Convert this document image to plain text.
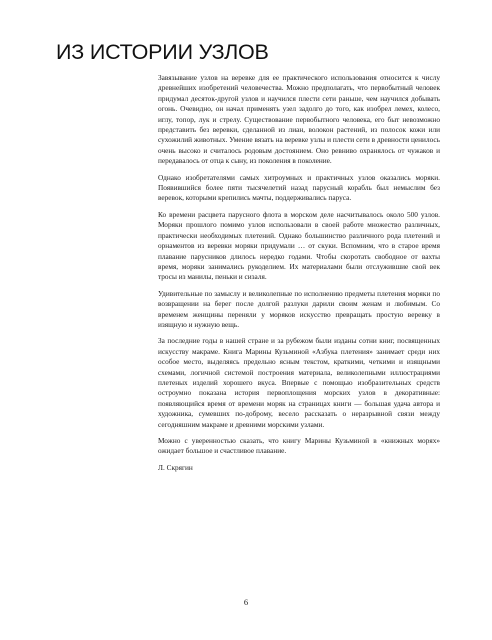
ИЗ ИСТОРИИ УЗЛОВ

Завязывание узлов на веревке для ее практического использования относится к числу древнейших изобретений человечества. Можно предполагать, что первобытный человек придумал десяток-другой узлов и научился плести сети раньше, чем научился добывать огонь. Очевидно, он начал применять узел задолго до того, как изобрел лемех, колесо, иглу, топор, лук и стрелу. Существование первобытного человека, его быт невозможно представить без веревки, сделанной из лиан, волокон растений, из полосок кожи или сухожилий животных. Умение вязать на веревке узлы и плести сети в древности ценилось очень высоко и считалось родовым достоянием. Оно ревниво охранялось от чужаков и передавалось от отца к сыну, из поколения в поколение.

Однако изобретателями самых хитроумных и практичных узлов оказались моряки. Появившийся более пяти тысячелетий назад парусный корабль был немыслим без веревок, которыми крепились мачты, поддерживались паруса.

Ко времени расцвета парусного флота в морском деле насчитывалось около 500 узлов. Моряки прошлого помимо узлов использовали в своей работе множество различных, практически необходимых плетений. Однако большинство различного рода плетений и орнаментов из веревки моряки придумали … от скуки. Вспомним, что в старое время плавание парусников длилось нередко годами. Чтобы скоротать свободное от вахты время, моряки занимались рукоделием. Их материалами были отслужившие свой век тросы из манилы, пеньки и сизаля.

Удивительные по замыслу и великолепные по исполнению предметы плетения моряки по возвращении на берег после долгой разлуки дарили своим женам и любимым. Со временем женщины переняли у моряков искусство превращать простую веревку в изящную и нужную вещь.

За последние годы в нашей стране и за рубежом были изданы сотни книг, посвященных искусству макраме. Книга Марины Кузьминой «Азбука плетения» занимает среди них особое место, выделяясь предельно ясным текстом, краткими, четкими и изящными схемами, логичной системой построения материала, великолепными иллюстрациями плетеных изделий хорошего вкуса. Впервые с помощью изобразительных средств остроумно показана история первоплощения морских узлов в декоративные: появляющийся время от времени моряк на страницах книги — большая удача автора и художника, сумевших по-доброму, весело рассказать о неразрывной связи между сегодняшним макраме и древними морскими узлами.

Можно с уверенностью сказать, что книгу Марины Кузьминой в «книжных морях» ожидает большое и счастливое плавание.

Л. Скрягин

6
